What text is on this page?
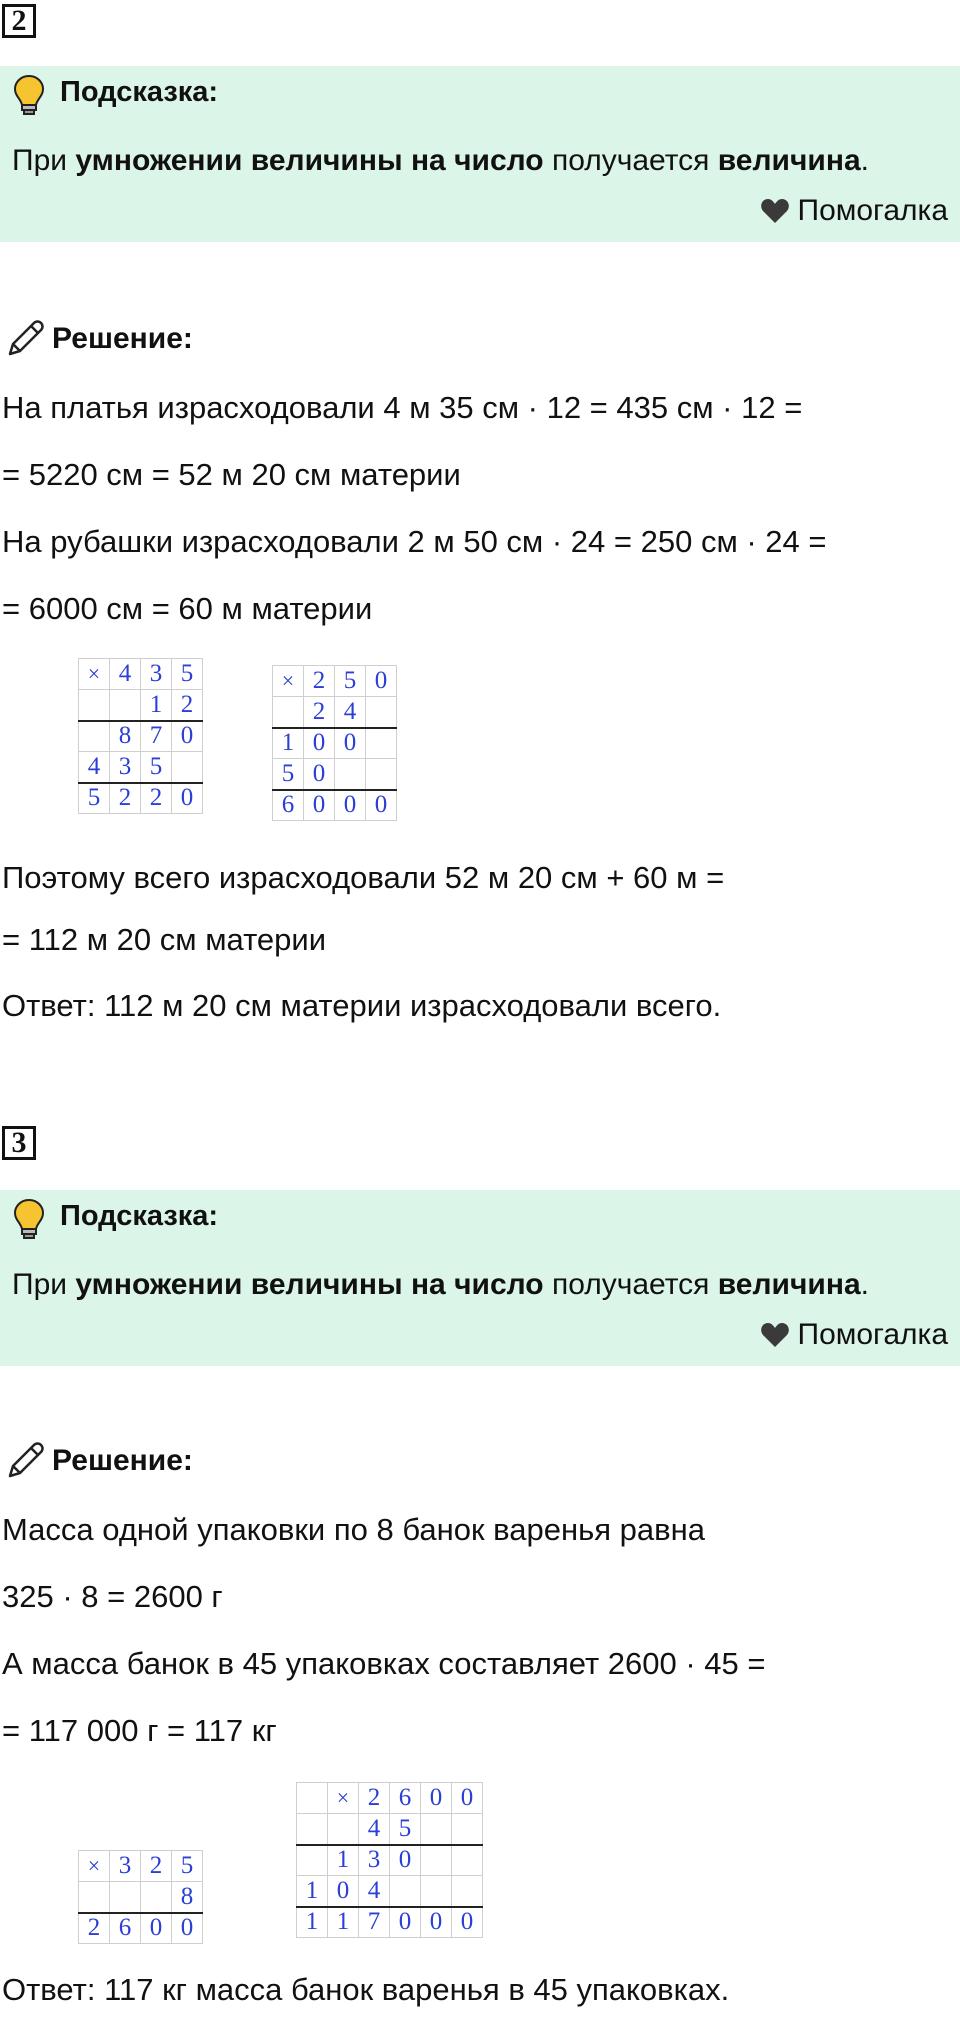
2
Подсказка:
При умножении величины на число получается величина.
Помогалка
Решение:
На платья израсходовали 4 м 35 см · 12 = 435 см · 12 =
= 5220 см = 52 м 20 см материи
На рубашки израсходовали 2 м 50 см · 24 = 250 см · 24 =
= 6000 см = 60 м материи
×	4	3	5
		1	2
	8	7	0
4	3	5	
5	2	2	0
×	2	5	0
	2	4	
1	0	0	
5	0		
6	0	0	0
Поэтому всего израсходовали 52 м 20 см + 60 м =
= 112 м 20 см материи
Ответ: 112 м 20 см материи израсходовали всего.
3
Подсказка:
При умножении величины на число получается величина.
Помогалка
Решение:
Масса одной упаковки по 8 банок варенья равна
325 · 8 = 2600 г
А масса банок в 45 упаковках составляет 2600 · 45 =
= 117 000 г = 117 кг
×	3	2	5
			8
2	6	0	0
	×	2	6	0	0
		4	5		
	1	3	0		
1	0	4			
1	1	7	0	0	0
Ответ: 117 кг масса банок варенья в 45 упаковках.
